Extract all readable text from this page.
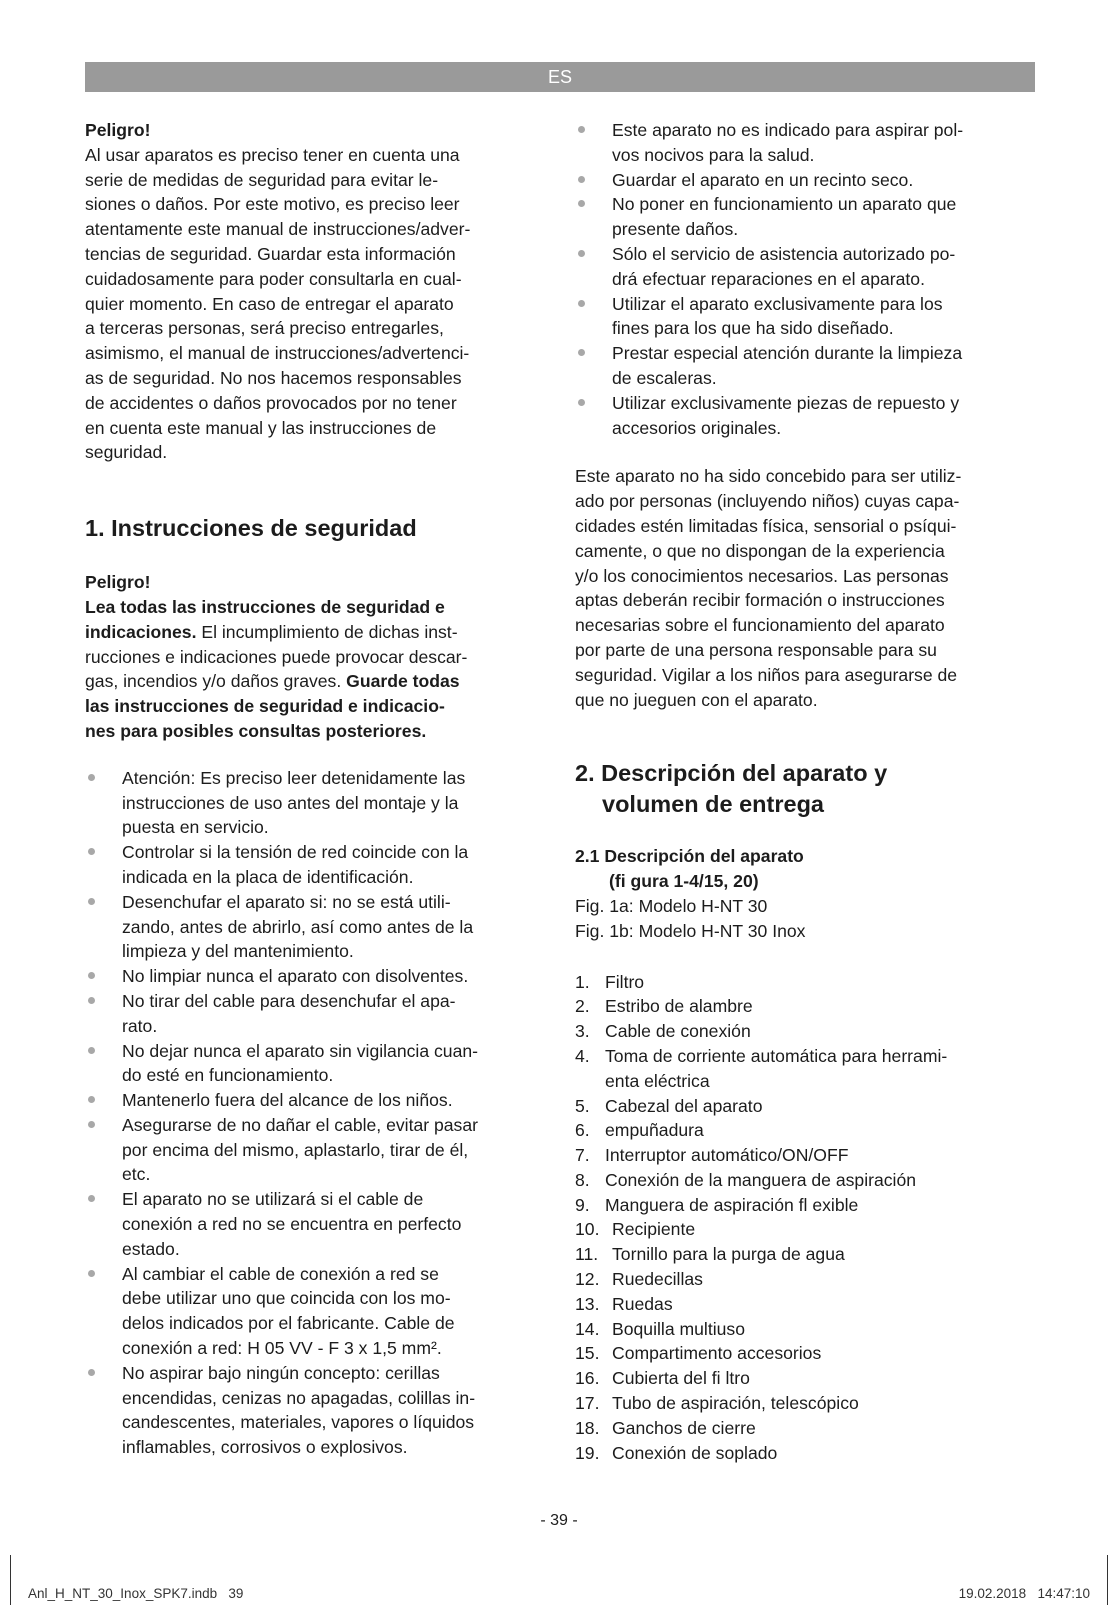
ES

Peligro!

Al usar aparatos es preciso tener en cuenta una
serie de medidas de seguridad para evitar le-
siones o daños. Por este motivo, es preciso leer
atentamente este manual de instrucciones/adver-
tencias de seguridad. Guardar esta información
cuidadosamente para poder consultarla en cual-
quier momento. En caso de entregar el aparato
a terceras personas, será preciso entregarles,
asimismo, el manual de instrucciones/advertenci-
as de seguridad. No nos hacemos responsables
de accidentes o daños provocados por no tener
en cuenta este manual y las instrucciones de
seguridad.

1. Instrucciones de seguridad

Peligro!

Lea todas las instrucciones de seguridad e
indicaciones. El incumplimiento de dichas inst-
rucciones e indicaciones puede provocar descar-
gas, incendios y/o daños graves. Guarde todas
las instrucciones de seguridad e indicacio-
nes para posibles consultas posteriores.
Atención: Es preciso leer detenidamente las
instrucciones de uso antes del montaje y la
puesta en servicio.
Controlar si la tensión de red coincide con la
indicada en la placa de identificación.
Desenchufar el aparato si: no se está utili-
zando, antes de abrirlo, así como antes de la
limpieza y del mantenimiento.
No limpiar nunca el aparato con disolventes.
No tirar del cable para desenchufar el apa-
rato.
No dejar nunca el aparato sin vigilancia cuan-
do esté en funcionamiento.
Mantenerlo fuera del alcance de los niños.
Asegurarse de no dañar el cable, evitar pasar
por encima del mismo, aplastarlo, tirar de él,
etc.
El aparato no se utilizará si el cable de
conexión a red no se encuentra en perfecto
estado.
Al cambiar el cable de conexión a red se
debe utilizar uno que coincida con los mo-
delos indicados por el fabricante. Cable de
conexión a red: H 05 VV - F 3 x 1,5 mm².
No aspirar bajo ningún concepto: cerillas
encendidas, cenizas no apagadas, colillas in-
candescentes, materiales, vapores o líquidos
inflamables, corrosivos o explosivos.
Este aparato no es indicado para aspirar pol-
vos nocivos para la salud.
Guardar el aparato en un recinto seco.
No poner en funcionamiento un aparato que
presente daños.
Sólo el servicio de asistencia autorizado po-
drá efectuar reparaciones en el aparato.
Utilizar el aparato exclusivamente para los
fines para los que ha sido diseñado.
Prestar especial atención durante la limpieza
de escaleras.
Utilizar exclusivamente piezas de repuesto y
accesorios originales.
Este aparato no ha sido concebido para ser utiliz-
ado por personas (incluyendo niños) cuyas capa-
cidades estén limitadas física, sensorial o psíqui-
camente, o que no dispongan de la experiencia
y/o los conocimientos necesarios. Las personas
aptas deberán recibir formación o instrucciones
necesarias sobre el funcionamiento del aparato
por parte de una persona responsable para su
seguridad. Vigilar a los niños para asegurarse de
que no jueguen con el aparato.

2. Descripción del aparato y
volumen de entrega

2.1 Descripción del aparato
(fi gura 1-4/15, 20)

Fig. 1a: Modelo H-NT 30

Fig. 1b: Modelo H-NT 30 Inox

1. Filtro
2. Estribo de alambre
3. Cable de conexión
4. Toma de corriente automática para herrami-
enta eléctrica
5. Cabezal del aparato
6. empuñadura
7. Interruptor automático/ON/OFF
8. Conexión de la manguera de aspiración
9. Manguera de aspiración fl exible
10. Recipiente
11. Tornillo para la purga de agua
12. Ruedecillas
13. Ruedas
14. Boquilla multiuso
15. Compartimento accesorios
16. Cubierta del fi ltro
17. Tubo de aspiración, telescópico
18. Ganchos de cierre
19. Conexión de soplado
- 39 -
Anl_H_NT_30_Inox_SPK7.indb   39	19.02.2018   14:47:10
